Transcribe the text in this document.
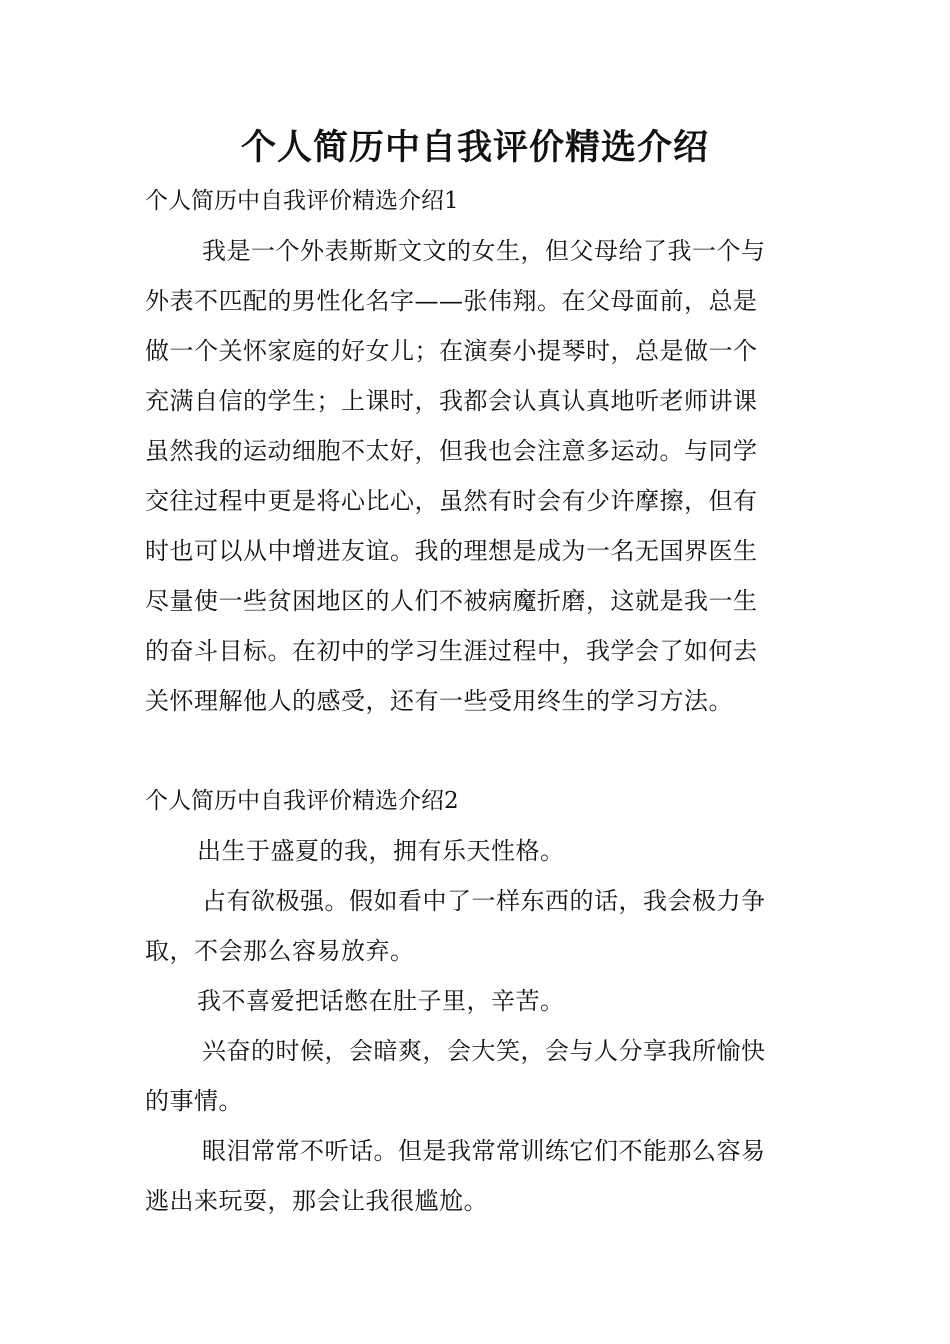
个人简历中自我评价精选介绍
个人简历中自我评价精选介绍1

我是一个外表斯斯文文的女生，但父母给了我一个与
外表不匹配的男性化名字——张伟翔。在父母面前，总是
做一个关怀家庭的好女儿；在演奏小提琴时，总是做一个
充满自信的学生；上课时，我都会认真认真地听老师讲课
虽然我的运动细胞不太好，但我也会注意多运动。与同学
交往过程中更是将心比心，虽然有时会有少许摩擦，但有
时也可以从中增进友谊。我的理想是成为一名无国界医生
尽量使一些贫困地区的人们不被病魔折磨，这就是我一生
的奋斗目标。在初中的学习生涯过程中，我学会了如何去
关怀理解他人的感受，还有一些受用终生的学习方法。

个人简历中自我评价精选介绍2

出生于盛夏的我，拥有乐天性格。

占有欲极强。假如看中了一样东西的话，我会极力争
取，不会那么容易放弃。

我不喜爱把话憋在肚子里，辛苦。

兴奋的时候，会暗爽，会大笑，会与人分享我所愉快
的事情。

眼泪常常不听话。但是我常常训练它们不能那么容易
逃出来玩耍，那会让我很尴尬。
